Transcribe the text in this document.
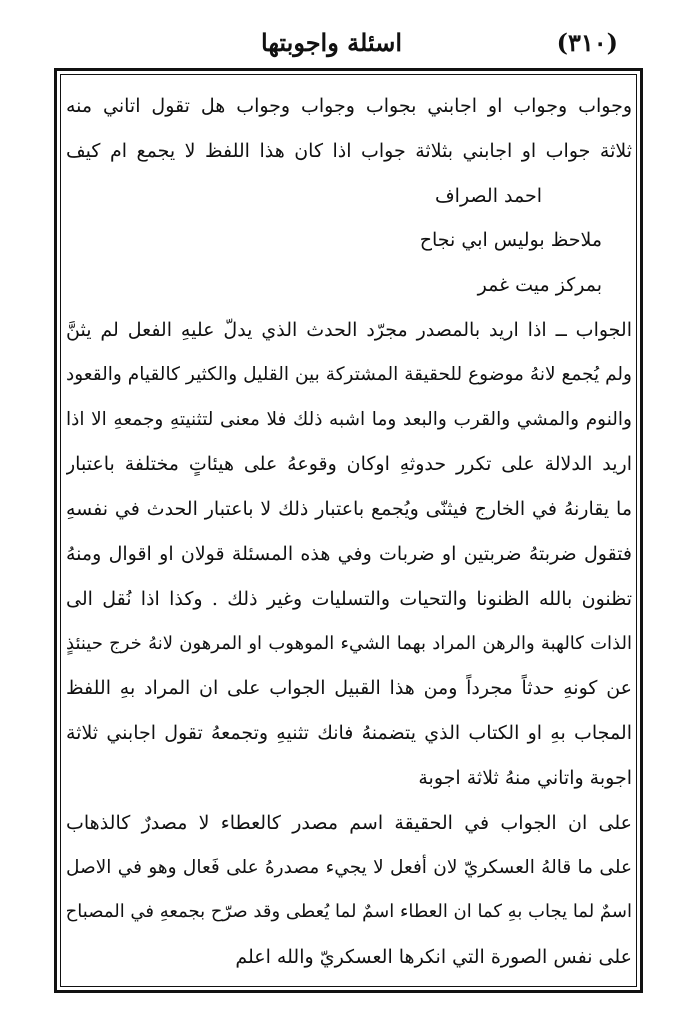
اسئلة واجوبتها	(٣١٠)
وجواب وجواب او اجابني بجواب وجواب وجواب هل تقول اتاني منه
ثلاثة جواب او اجابني بثلاثة جواب اذا كان هذا اللفظ لا يجمع ام كيف
احمد الصراف
ملاحظ بوليس ابي نجاح
بمركز ميت غمر
الجواب ــ اذا اريد بالمصدر مجرّد الحدث الذي يدلّ عليهِ الفعل لم يثنَّ
ولم يُجمع لانهُ موضوع للحقيقة المشتركة بين القليل والكثير كالقيام والقعود
والنوم والمشي والقرب والبعد وما اشبه ذلك فلا معنى لتثنيتهِ وجمعهِ الا اذا
اريد الدلالة على تكرر حدوثهِ اوكان وقوعهُ على هيئاتٍ مختلفة باعتبار
ما يقارنهُ في الخارج فيثنّى ويُجمع باعتبار ذلك لا باعتبار الحدث في نفسهِ
فتقول ضربتهُ ضربتين او ضربات وفي هذه المسئلة قولان او اقوال ومنهُ
تظنون بالله الظنونا والتحيات والتسليات وغير ذلك . وكذا اذا نُقل الى
الذات كالهبة والرهن المراد بهما الشيء الموهوب او المرهون لانهُ خرج حينئذٍ
عن كونهِ حدثاً مجرداً ومن هذا القبيل الجواب على ان المراد بهِ اللفظ
المجاب بهِ او الكتاب الذي يتضمنهُ فانك تثنيهِ وتجمعهُ تقول اجابني ثلاثة
اجوبة واتاني منهُ ثلاثة اجوبة
على ان الجواب في الحقيقة اسم مصدر كالعطاء لا مصدرٌ كالذهاب
على ما قالهُ العسكريّ لان أفعل لا يجيء مصدرهُ على فَعال وهو في الاصل
اسمٌ لما يجاب بهِ كما ان العطاء اسمٌ لما يُعطى وقد صرّح بجمعهِ في المصباح
على نفس الصورة التي انكرها العسكريّ والله اعلم
